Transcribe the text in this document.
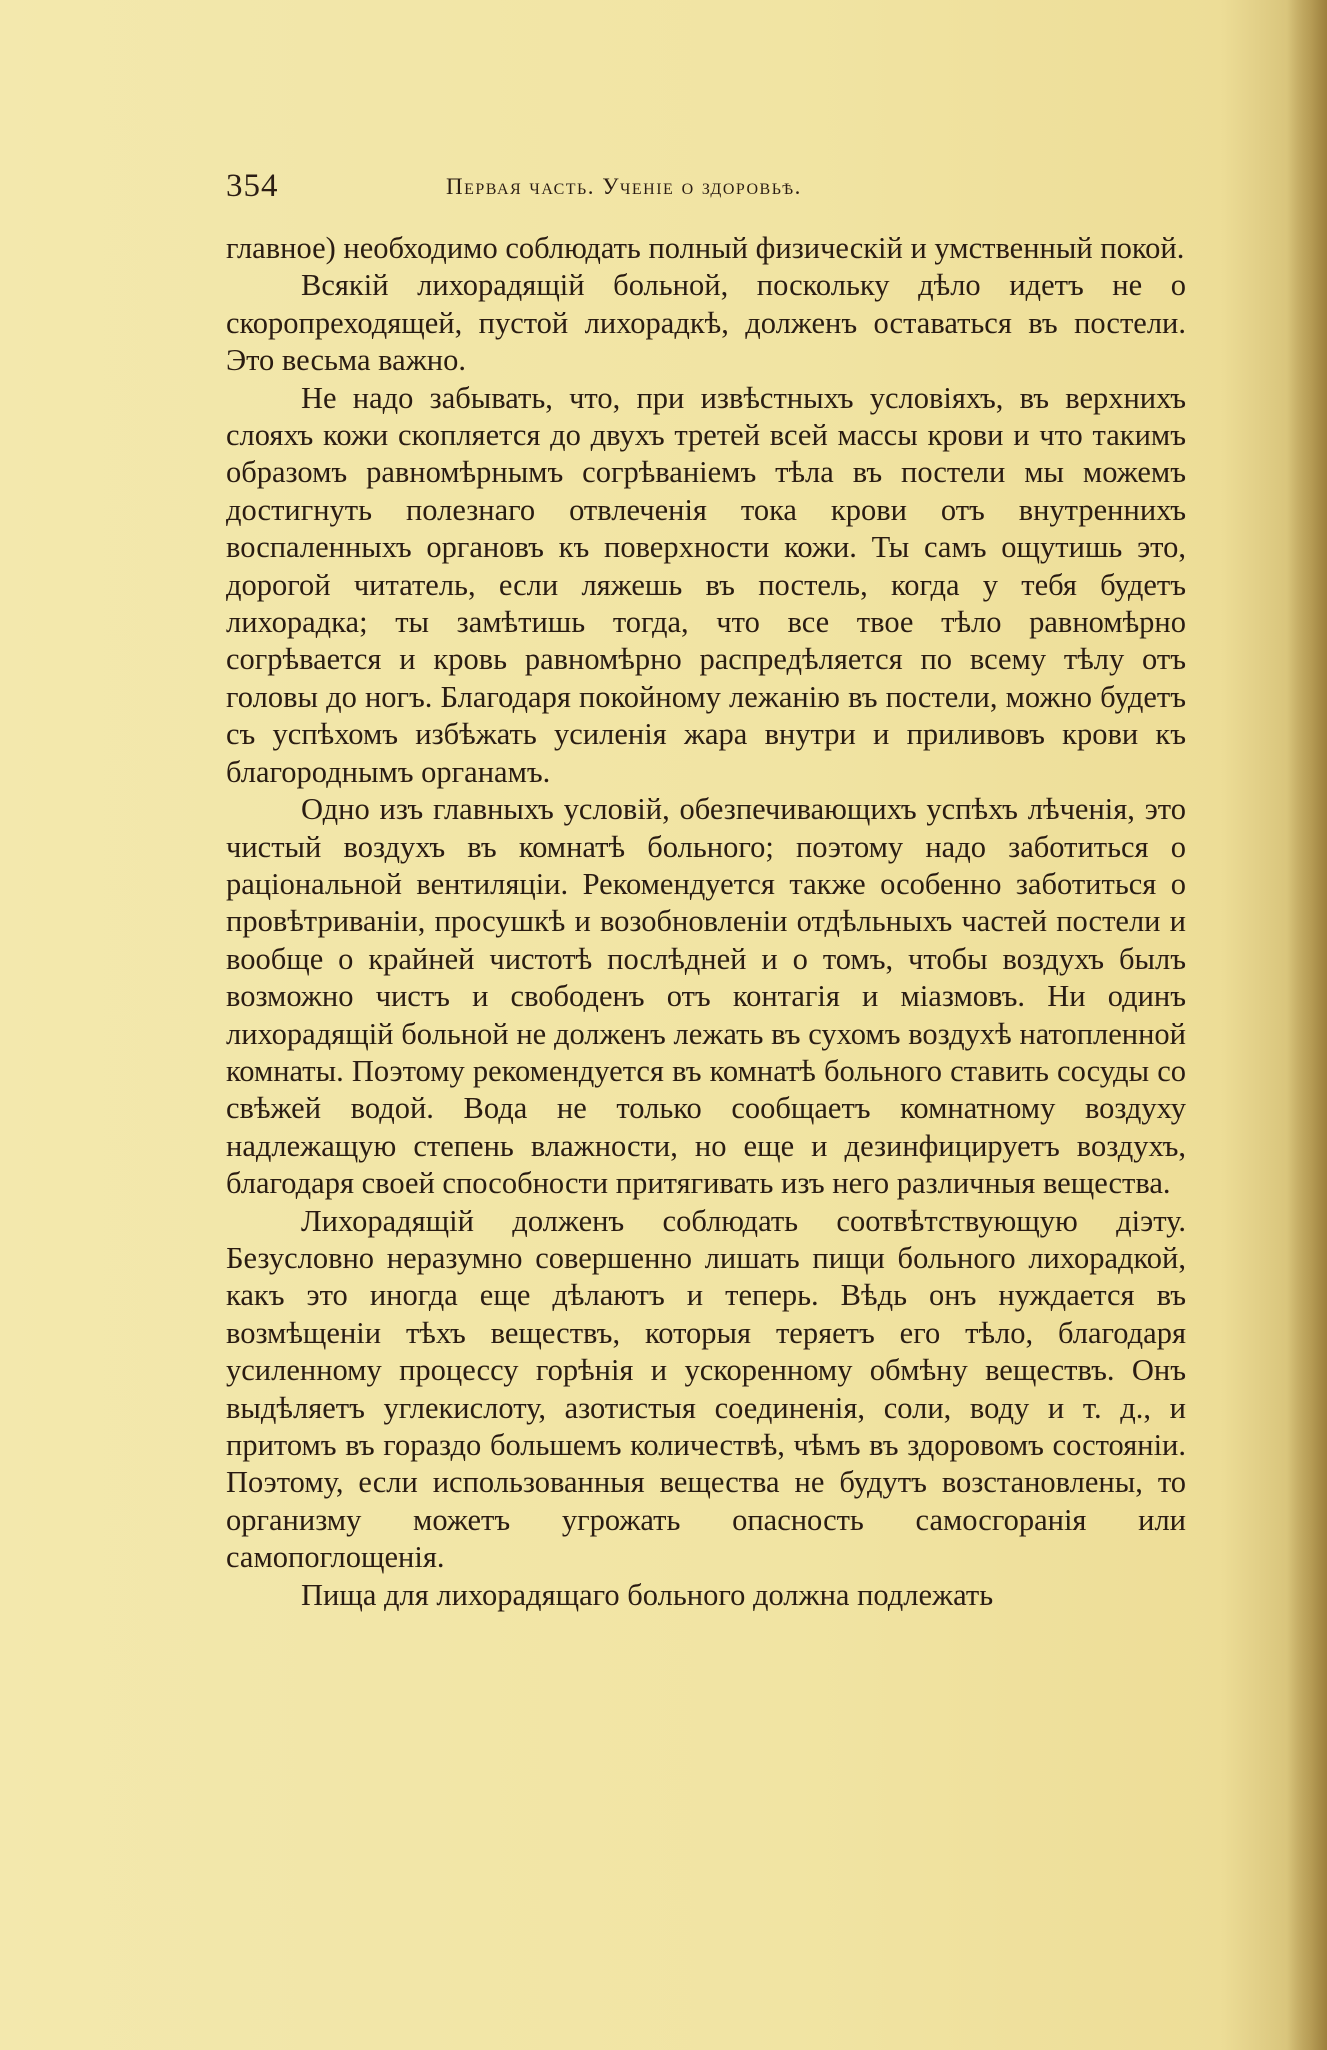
354	Первая часть. Ученіе о здоровьѣ.

главное) необходимо соблюдать полный физическій и умственный покой.

Всякій лихорадящій больной, поскольку дѣло идетъ не о скоропреходящей, пустой лихорадкѣ, долженъ оставаться въ постели. Это весьма важно.

Не надо забывать, что, при извѣстныхъ условіяхъ, въ верхнихъ слояхъ кожи скопляется до двухъ третей всей массы крови и что такимъ образомъ равномѣрнымъ согрѣваніемъ тѣла въ постели мы можемъ достигнуть полезнаго отвлеченія тока крови отъ внутреннихъ воспаленныхъ органовъ къ поверхности кожи. Ты самъ ощутишь это, дорогой читатель, если ляжешь въ постель, когда у тебя будетъ лихорадка; ты замѣтишь тогда, что все твое тѣло равномѣрно согрѣвается и кровь равномѣрно распредѣляется по всему тѣлу отъ головы до ногъ. Благодаря покойному лежанію въ постели, можно будетъ съ успѣхомъ избѣжать усиленія жара внутри и приливовъ крови къ благороднымъ органамъ.

Одно изъ главныхъ условій, обезпечивающихъ успѣхъ лѣченія, это чистый воздухъ въ комнатѣ больного; поэтому надо заботиться о раціональной вентиляціи. Рекомендуется также особенно заботиться о провѣтриваніи, просушкѣ и возобновленіи отдѣльныхъ частей постели и вообще о крайней чистотѣ послѣдней и о томъ, чтобы воздухъ былъ возможно чистъ и свободенъ отъ контагія и міазмовъ. Ни одинъ лихорадящій больной не долженъ лежать въ сухомъ воздухѣ натопленной комнаты. Поэтому рекомендуется въ комнатѣ больного ставить сосуды со свѣжей водой. Вода не только сообщаетъ комнатному воздуху надлежащую степень влажности, но еще и дезинфицируетъ воздухъ, благодаря своей способности притягивать изъ него различныя вещества.

Лихорадящій долженъ соблюдать соотвѣтствующую діэту. Безусловно неразумно совершенно лишать пищи больного лихорадкой, какъ это иногда еще дѣлаютъ и теперь. Вѣдь онъ нуждается въ возмѣщеніи тѣхъ веществъ, которыя теряетъ его тѣло, благодаря усиленному процессу горѣнія и ускоренному обмѣну веществъ. Онъ выдѣляетъ углекислоту, азотистыя соединенія, соли, воду и т. д., и притомъ въ гораздо большемъ количествѣ, чѣмъ въ здоровомъ состояніи. Поэтому, если использованныя вещества не будутъ возстановлены, то организму можетъ угрожать опасность самосгоранія или самопоглощенія.

Пища для лихорадящаго больного должна подлежать
